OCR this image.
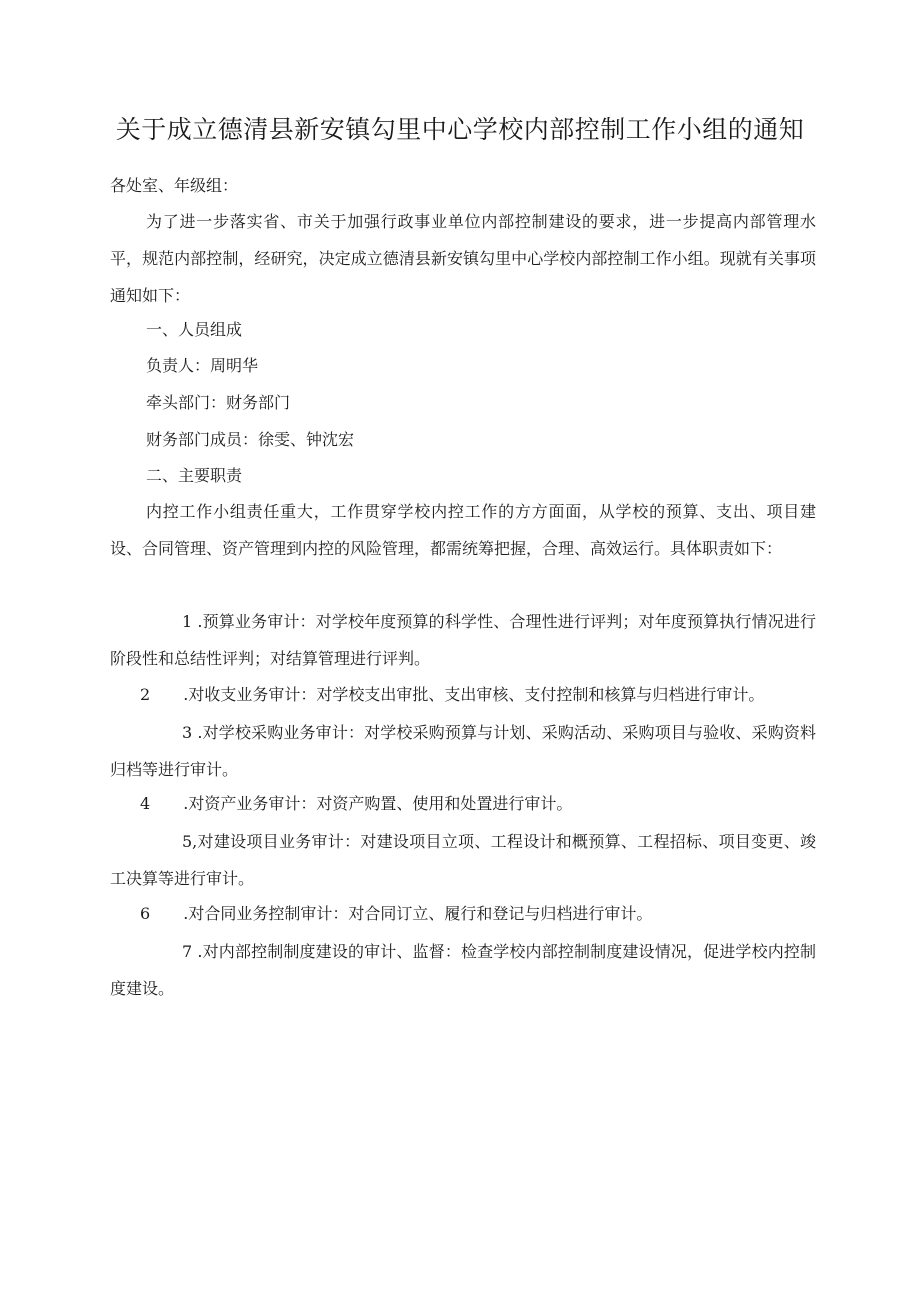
关于成立德清县新安镇勾里中心学校内部控制工作小组的通知
各处室、年级组：
为了进一步落实省、市关于加强行政事业单位内部控制建设的要求，进一步提高内部管理水平，规范内部控制，经研究，决定成立德清县新安镇勾里中心学校内部控制工作小组。现就有关事项通知如下：
一、人员组成
负责人：周明华
牵头部门：财务部门
财务部门成员：徐雯、钟沈宏
二、主要职责
内控工作小组责任重大，工作贯穿学校内控工作的方方面面，从学校的预算、支出、项目建设、合同管理、资产管理到内控的风险管理，都需统筹把握，合理、高效运行。具体职责如下：
1 .预算业务审计：对学校年度预算的科学性、合理性进行评判；对年度预算执行情况进行阶段性和总结性评判；对结算管理进行评判。
2 .对收支业务审计：对学校支出审批、支出审核、支付控制和核算与归档进行审计。
3 .对学校采购业务审计：对学校采购预算与计划、采购活动、采购项目与验收、采购资料归档等进行审计。
4 .对资产业务审计：对资产购置、使用和处置进行审计。
5,对建设项目业务审计：对建设项目立项、工程设计和概预算、工程招标、项目变更、竣工决算等进行审计。
6 .对合同业务控制审计：对合同订立、履行和登记与归档进行审计。
7 .对内部控制制度建设的审计、监督：检查学校内部控制制度建设情况，促进学校内控制度建设。
